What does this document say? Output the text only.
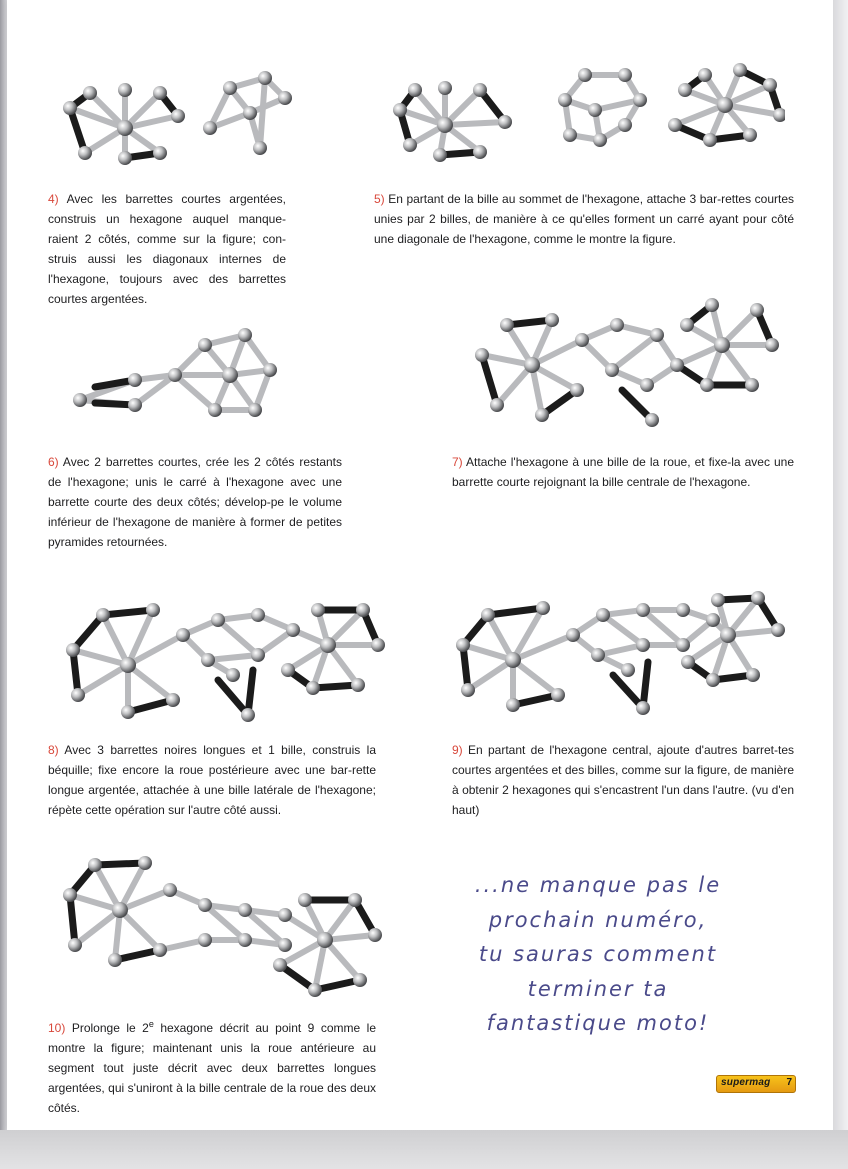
4) Avec les barrettes courtes argentées, construis un hexagone auquel manque-raient 2 côtés, comme sur la figure; con-struis aussi les diagonaux internes de l'hexagone, toujours avec des barrettes courtes argentées.
5) En partant de la bille au sommet de l'hexagone, attache 3 bar-rettes courtes unies par 2 billes, de manière à ce qu'elles forment un carré ayant pour côté une diagonale de l'hexagone, comme le montre la figure.
6) Avec 2 barrettes courtes, crée les 2 côtés restants de l'hexagone; unis le carré à l'hexagone avec une barrette courte des deux côtés; dévelop-pe le volume inférieur de l'hexagone de manière à former de petites pyramides retournées.
7) Attache l'hexagone à une bille de la roue, et fixe-la avec une barrette courte rejoignant la bille centrale de l'hexagone.
8) Avec 3 barrettes noires longues et 1 bille, construis la béquille; fixe encore la roue postérieure avec une bar-rette longue argentée, attachée à une bille latérale de l'hexagone; répète cette opération sur l'autre côté aussi.
9) En partant de l'hexagone central, ajoute d'autres barret-tes courtes argentées et des billes, comme sur la figure, de manière à obtenir 2 hexagones qui s'encastrent l'un dans l'autre. (vu d'en haut)
10) Prolonge le 2e hexagone décrit au point 9 comme le montre la figure; maintenant unis la roue antérieure au segment tout juste décrit avec deux barrettes longues argentées, qui s'uniront à la bille centrale de la roue des deux côtés.
...ne manque pas le
prochain numéro,
tu sauras comment
terminer ta
fantastique moto!
supermag 7
